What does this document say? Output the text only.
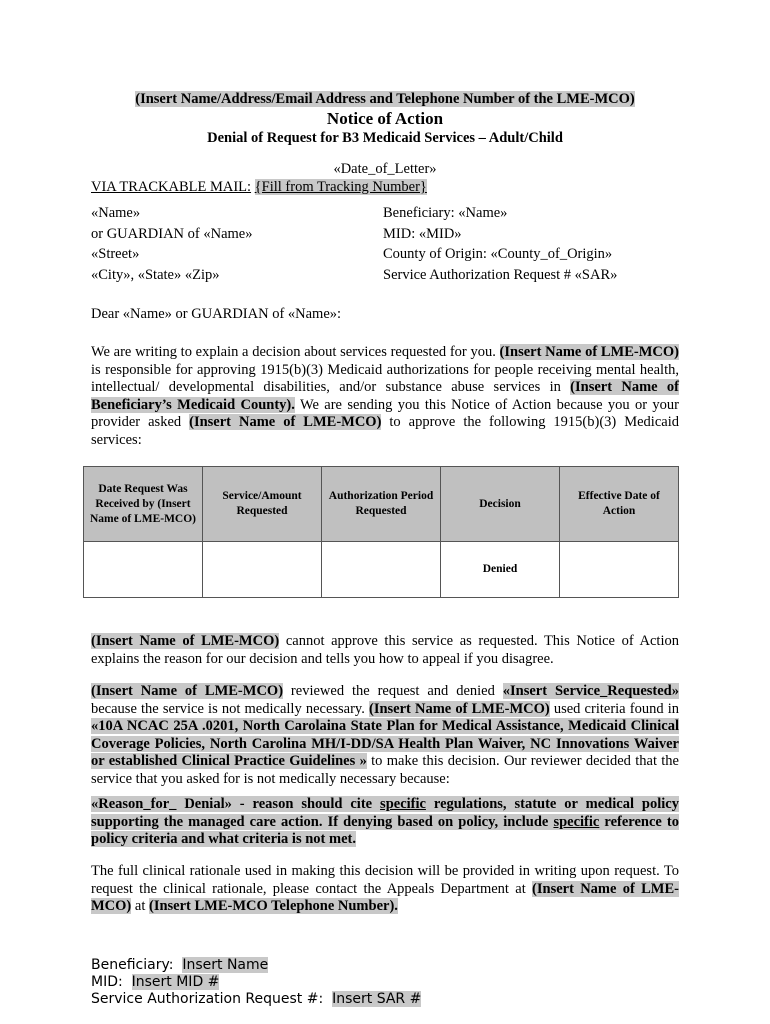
(Insert Name/Address/Email Address and Telephone Number of the LME-MCO)
Notice of Action
Denial of Request for B3 Medicaid Services – Adult/Child
«Date_of_Letter»
VIA TRACKABLE MAIL: {Fill from Tracking Number}
«Name»
or GUARDIAN of «Name»
«Street»
«City», «State» «Zip»
Beneficiary: «Name»
MID: «MID»
County of Origin: «County_of_Origin»
Service Authorization Request # «SAR»
Dear «Name» or GUARDIAN of «Name»:
We are writing to explain a decision about services requested for you. (Insert Name of LME-MCO) is responsible for approving 1915(b)(3) Medicaid authorizations for people receiving mental health, intellectual/ developmental disabilities, and/or substance abuse services in (Insert Name of Beneficiary’s Medicaid County). We are sending you this Notice of Action because you or your provider asked (Insert Name of LME-MCO) to approve the following 1915(b)(3) Medicaid services:
Date Request Was Received by (Insert Name of LME-MCO)	Service/Amount Requested	Authorization Period Requested	Decision	Effective Date of Action
			Denied	
(Insert Name of LME-MCO) cannot approve this service as requested. This Notice of Action explains the reason for our decision and tells you how to appeal if you disagree.
(Insert Name of LME-MCO) reviewed the request and denied «Insert Service_Requested» because the service is not medically necessary. (Insert Name of LME-MCO) used criteria found in «10A NCAC 25A .0201, North Carolaina State Plan for Medical Assistance, Medicaid Clinical Coverage Policies, North Carolina MH/I-DD/SA Health Plan Waiver, NC Innovations Waiver or established Clinical Practice Guidelines » to make this decision. Our reviewer decided that the service that you asked for is not medically necessary because:
«Reason_for_ Denial» - reason should cite specific regulations, statute or medical policy supporting the managed care action. If denying based on policy, include specific reference to policy criteria and what criteria is not met.
The full clinical rationale used in making this decision will be provided in writing upon request. To request the clinical rationale, please contact the Appeals Department at (Insert Name of LME-MCO) at (Insert LME-MCO Telephone Number).
Beneficiary: Insert Name
MID: Insert MID #
Service Authorization Request #: Insert SAR #
